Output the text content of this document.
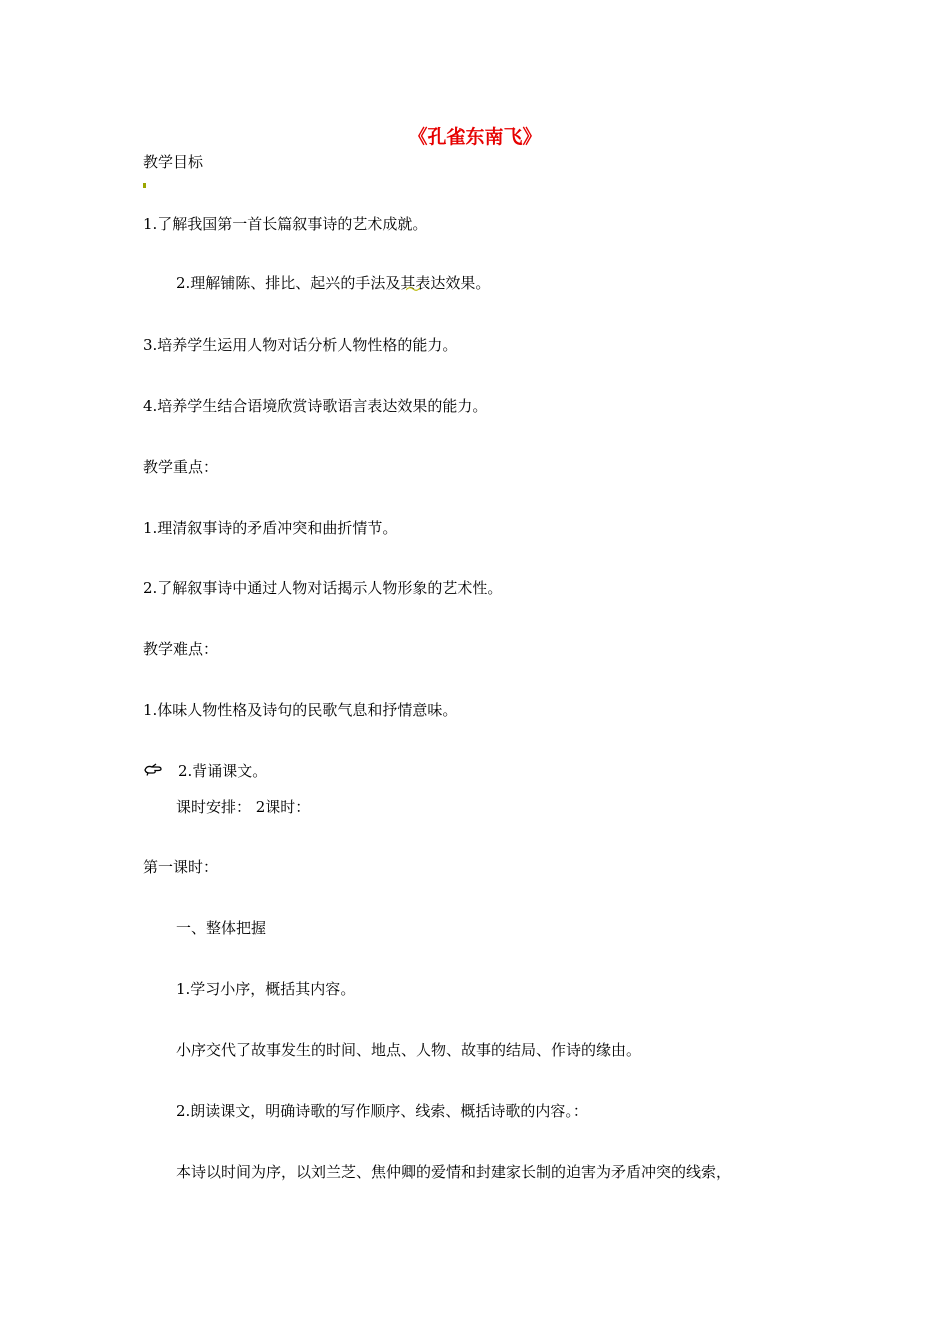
《孔雀东南飞》
教学目标
1.了解我国第一首长篇叙事诗的艺术成就。
2.理解铺陈、排比、起兴的手法及其表达效果。
3.培养学生运用人物对话分析人物性格的能力。
4.培养学生结合语境欣赏诗歌语言表达效果的能力。
教学重点：
1.理清叙事诗的矛盾冲突和曲折情节。
2.了解叙事诗中通过人物对话揭示人物形象的艺术性。
教学难点：
1.体味人物性格及诗句的民歌气息和抒情意味。
2.背诵课文。
课时安排： 2课时：
第一课时：
一、整体把握
1.学习小序，概括其内容。
小序交代了故事发生的时间、地点、人物、故事的结局、作诗的缘由。
2.朗读课文，明确诗歌的写作顺序、线索、概括诗歌的内容。：
本诗以时间为序，以刘兰芝、焦仲卿的爱情和封建家长制的迫害为矛盾冲突的线索，
